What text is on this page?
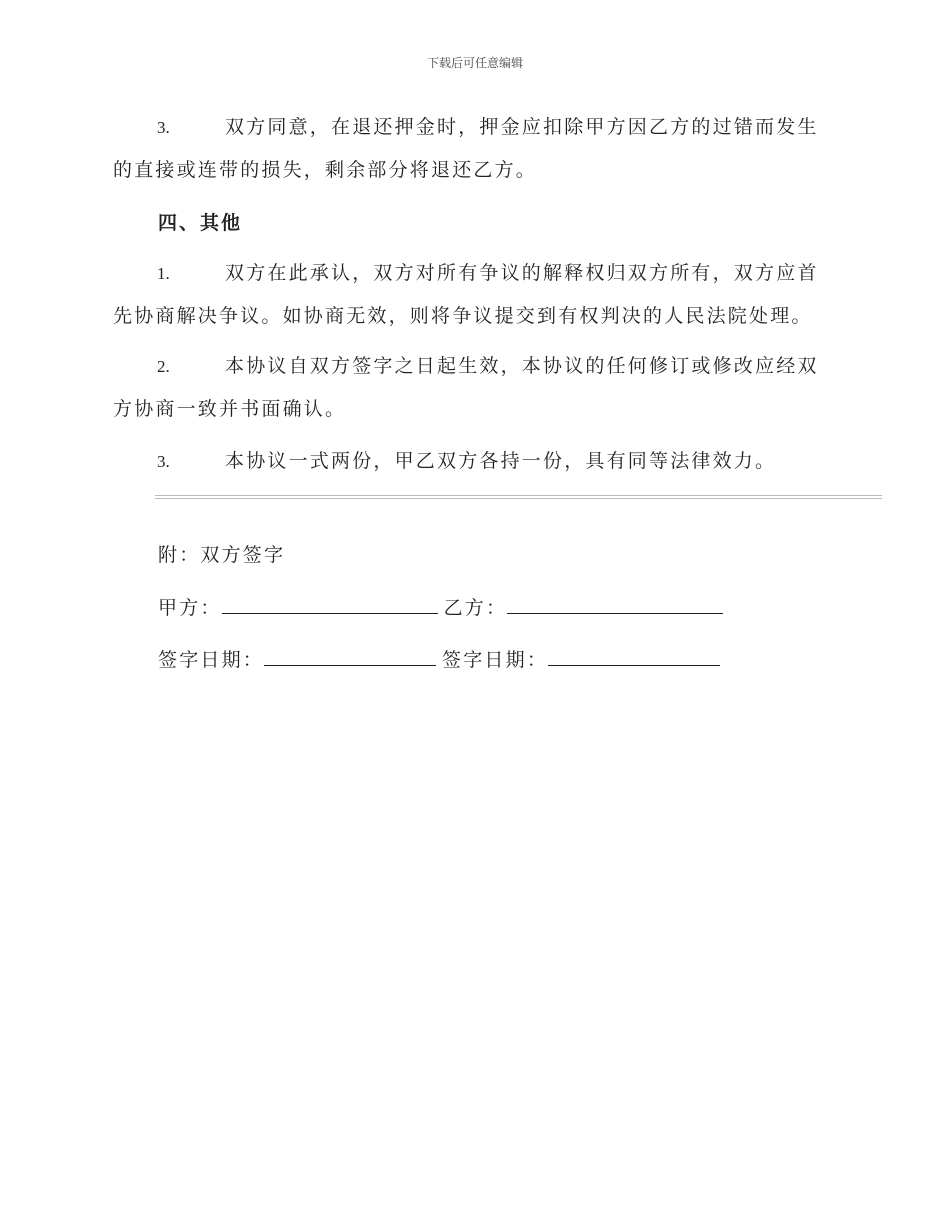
下载后可任意编辑
3.	双方同意，在退还押金时，押金应扣除甲方因乙方的过错而发生
的直接或连带的损失，剩余部分将退还乙方。
四、其他
1.	双方在此承认，双方对所有争议的解释权归双方所有，双方应首
先协商解决争议。如协商无效，则将争议提交到有权判决的人民法院处理。
2.	本协议自双方签字之日起生效，本协议的任何修订或修改应经双
方协商一致并书面确认。
3.	本协议一式两份，甲乙双方各持一份，具有同等法律效力。
附：双方签字
甲方：	乙方：
签字日期：	签字日期：
